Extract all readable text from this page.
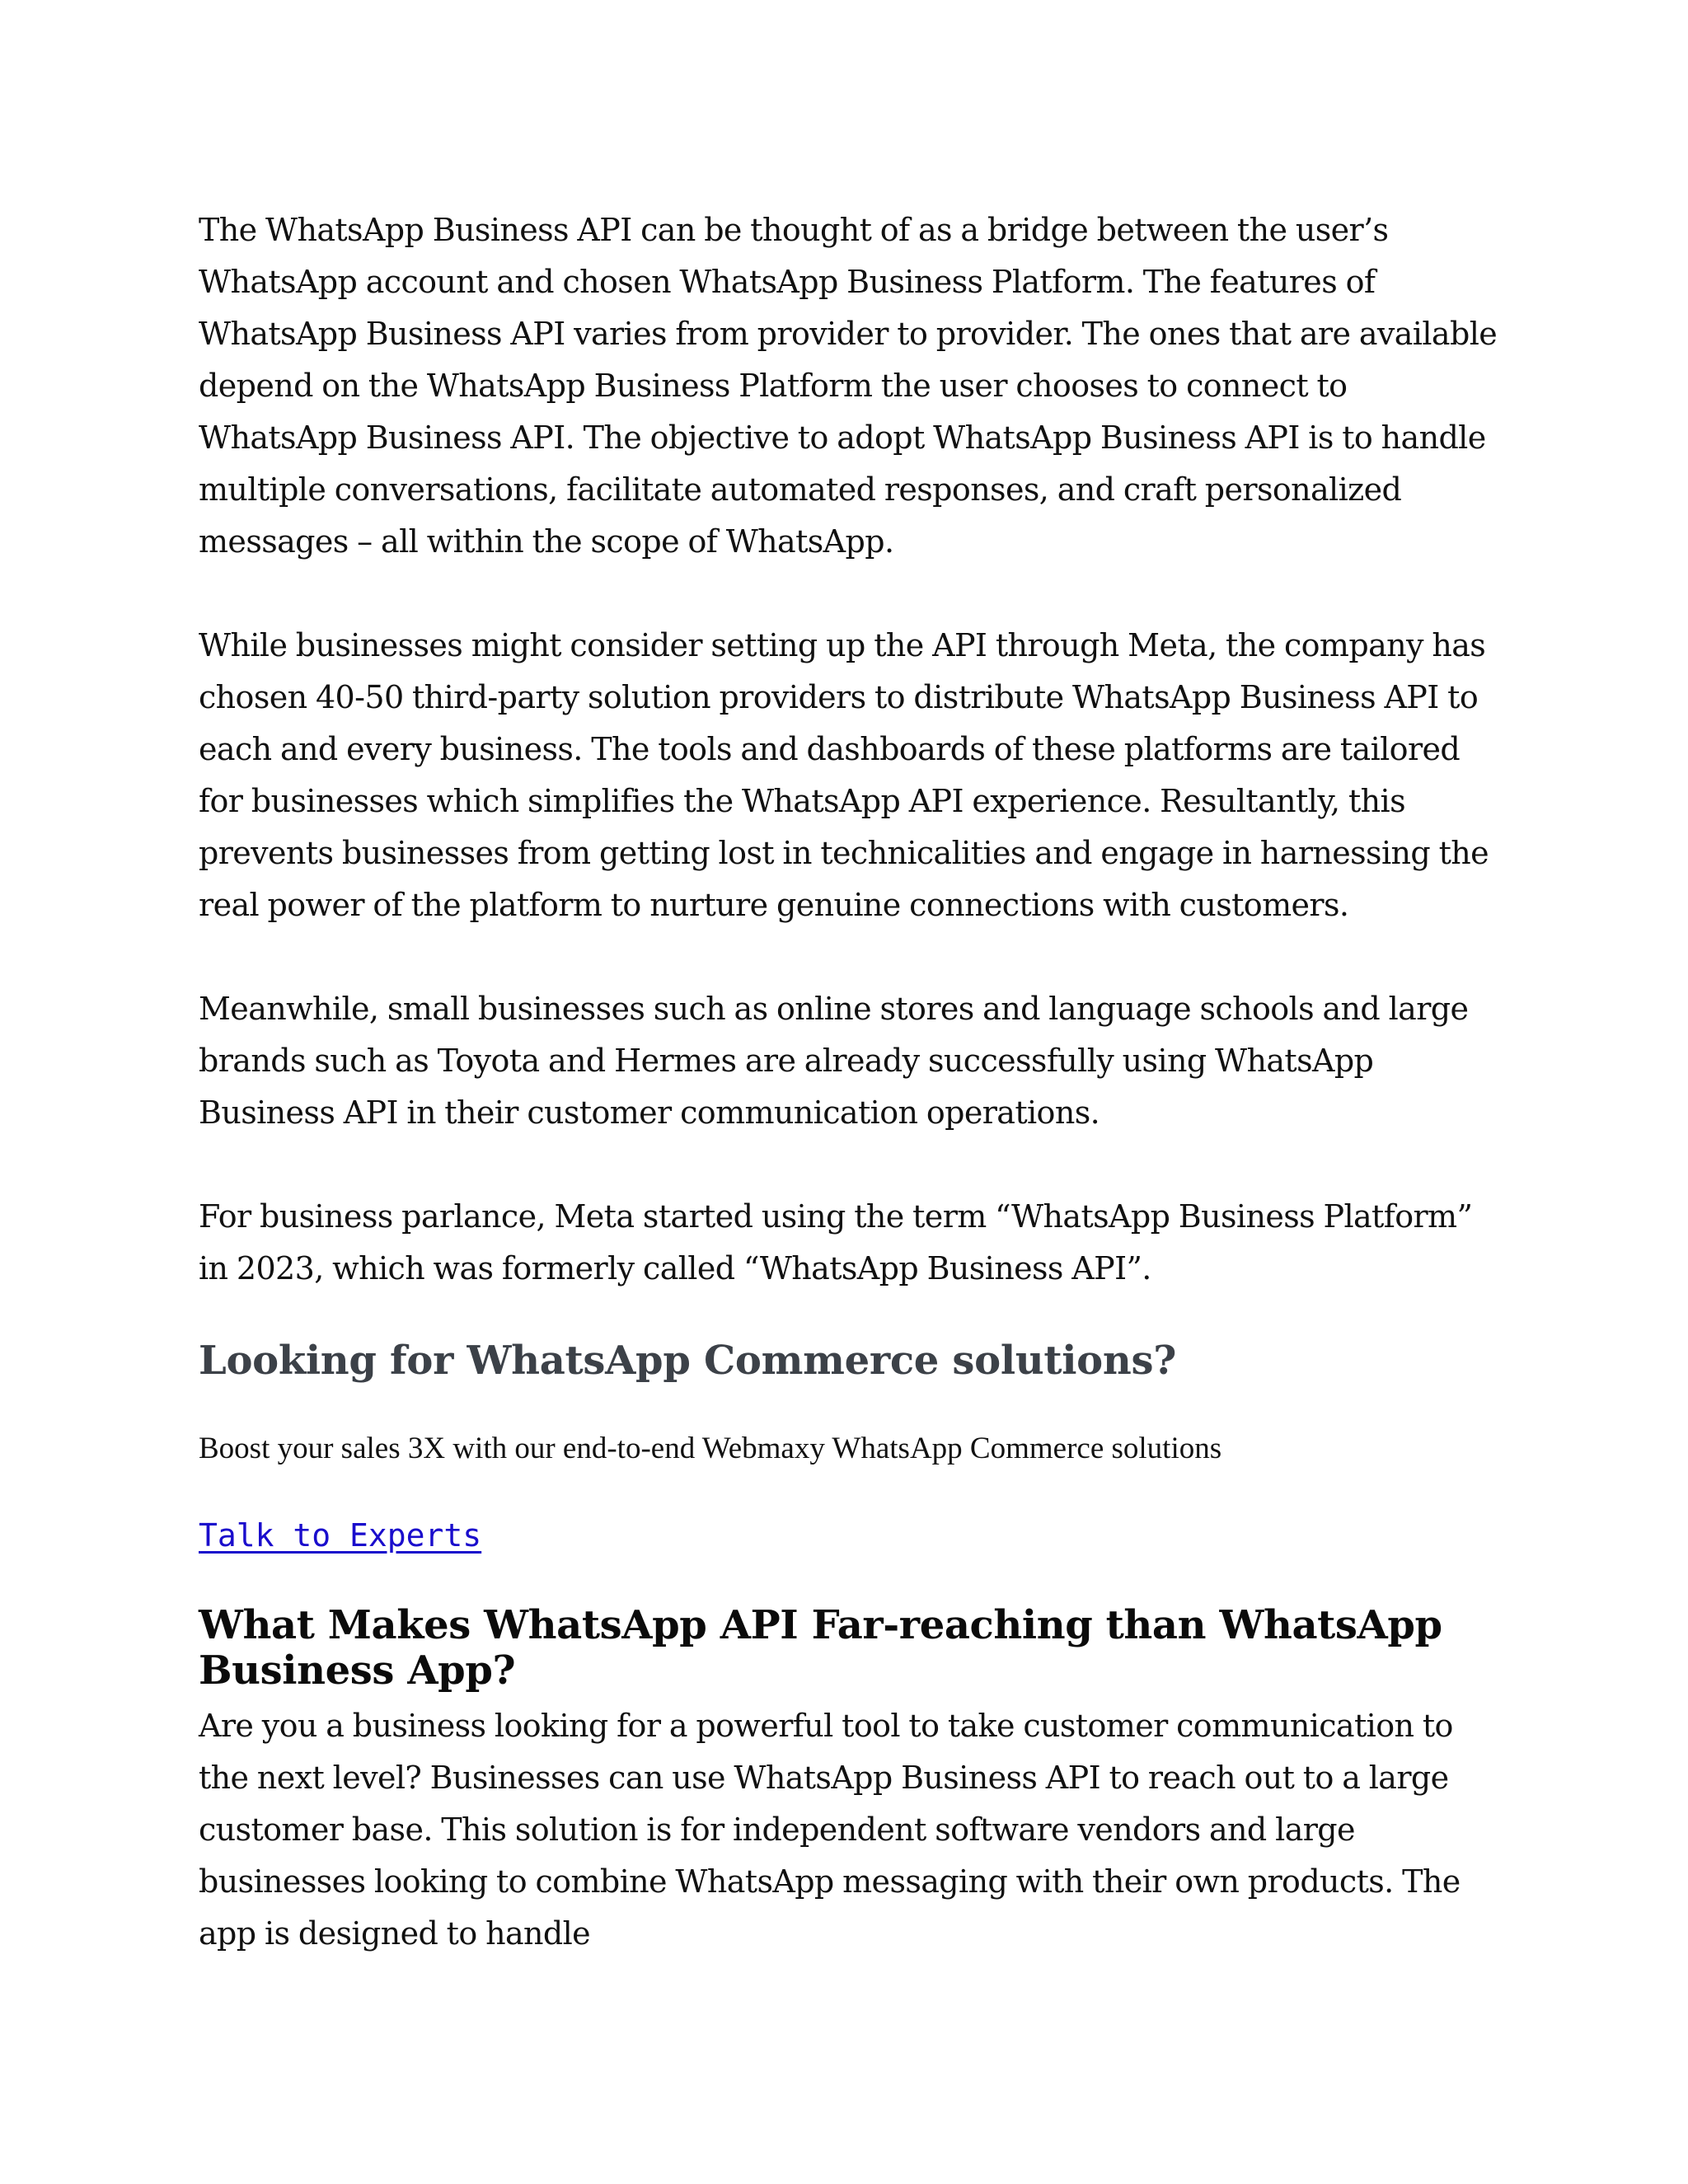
The WhatsApp Business API can be thought of as a bridge between the user’s WhatsApp account and chosen WhatsApp Business Platform. The features of WhatsApp Business API varies from provider to provider. The ones that are available depend on the WhatsApp Business Platform the user chooses to connect to WhatsApp Business API. The objective to adopt WhatsApp Business API is to handle multiple conversations, facilitate automated responses, and craft personalized messages – all within the scope of WhatsApp.

While businesses might consider setting up the API through Meta, the company has chosen 40-50 third-party solution providers to distribute WhatsApp Business API to each and every business. The tools and dashboards of these platforms are tailored for businesses which simplifies the WhatsApp API experience. Resultantly, this prevents businesses from getting lost in technicalities and engage in harnessing the real power of the platform to nurture genuine connections with customers.

Meanwhile, small businesses such as online stores and language schools and large brands such as Toyota and Hermes are already successfully using WhatsApp Business API in their customer communication operations.

For business parlance, Meta started using the term “WhatsApp Business Platform” in 2023, which was formerly called “WhatsApp Business API”.

Looking for WhatsApp Commerce solutions?

Boost your sales 3X with our end-to-end Webmaxy WhatsApp Commerce solutions

Talk to Experts
What Makes WhatsApp API Far-reaching than WhatsApp Business App?

Are you a business looking for a powerful tool to take customer communication to the next level? Businesses can use WhatsApp Business API to reach out to a large customer base. This solution is for independent software vendors and large businesses looking to combine WhatsApp messaging with their own products. The app is designed to handle
